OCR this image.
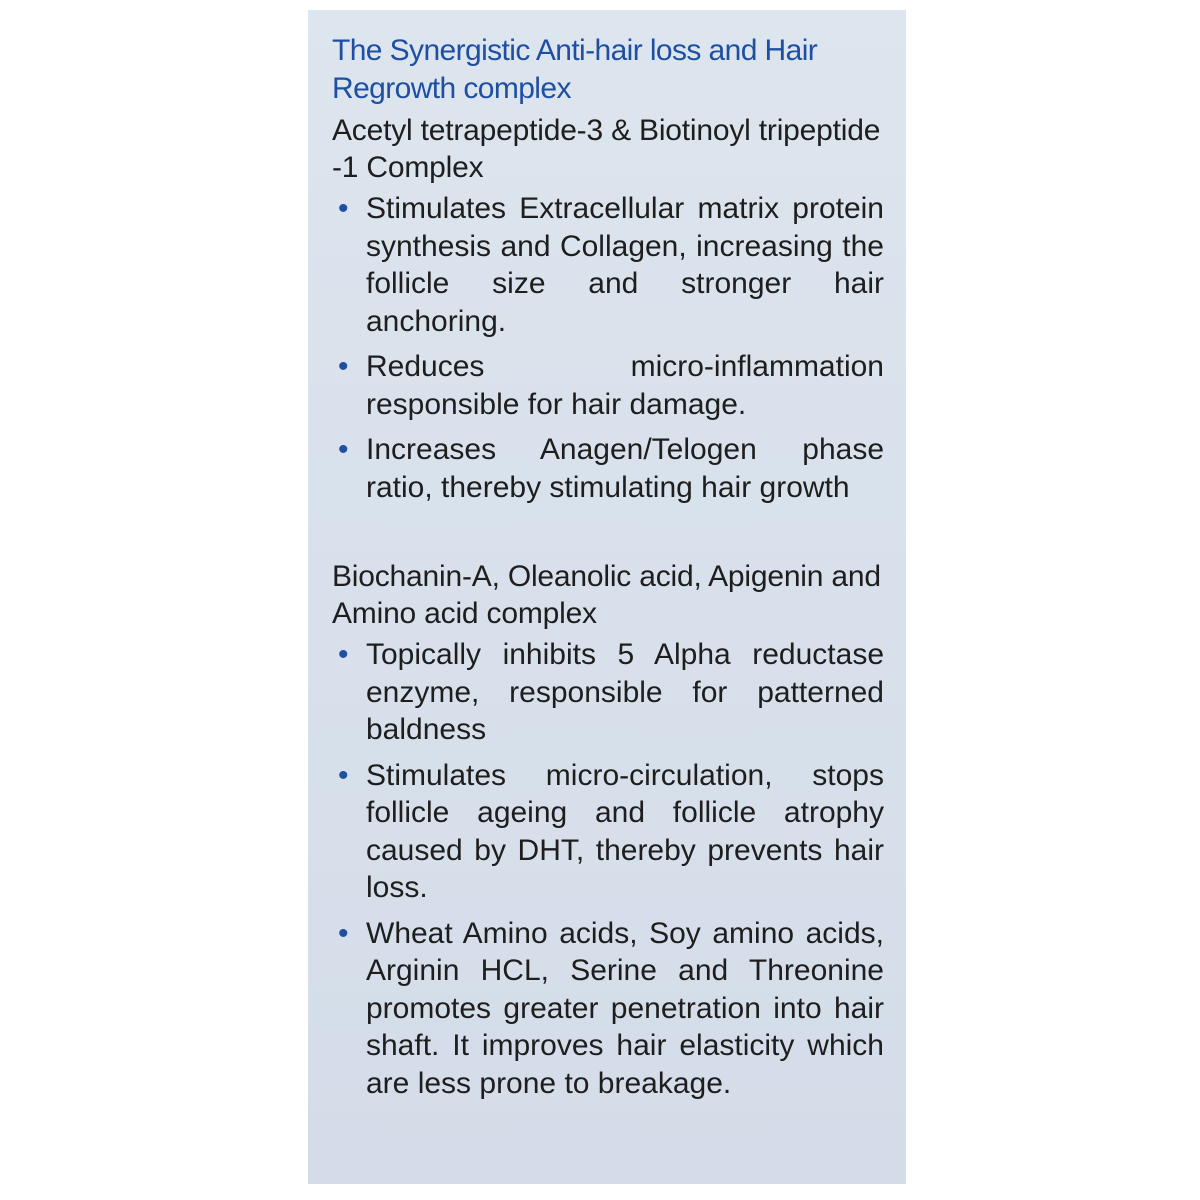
The Synergistic Anti-hair loss and Hair Regrowth complex

Acetyl tetrapeptide-3 & Biotinoyl tripeptide -1 Complex

• Stimulates Extracellular matrix protein synthesis and Collagen, increasing the follicle size and stronger hair anchoring.
• Reduces micro-inflammation responsible for hair damage.
• Increases Anagen/Telogen phase ratio, thereby stimulating hair growth

Biochanin-A, Oleanolic acid, Apigenin and Amino acid complex

• Topically inhibits 5 Alpha reductase enzyme, responsible for patterned baldness
• Stimulates micro-circulation, stops follicle ageing and follicle atrophy caused by DHT, thereby prevents hair loss.
• Wheat Amino acids, Soy amino acids, Arginin HCL, Serine and Threonine promotes greater penetration into hair shaft. It improves hair elasticity which are less prone to breakage.
